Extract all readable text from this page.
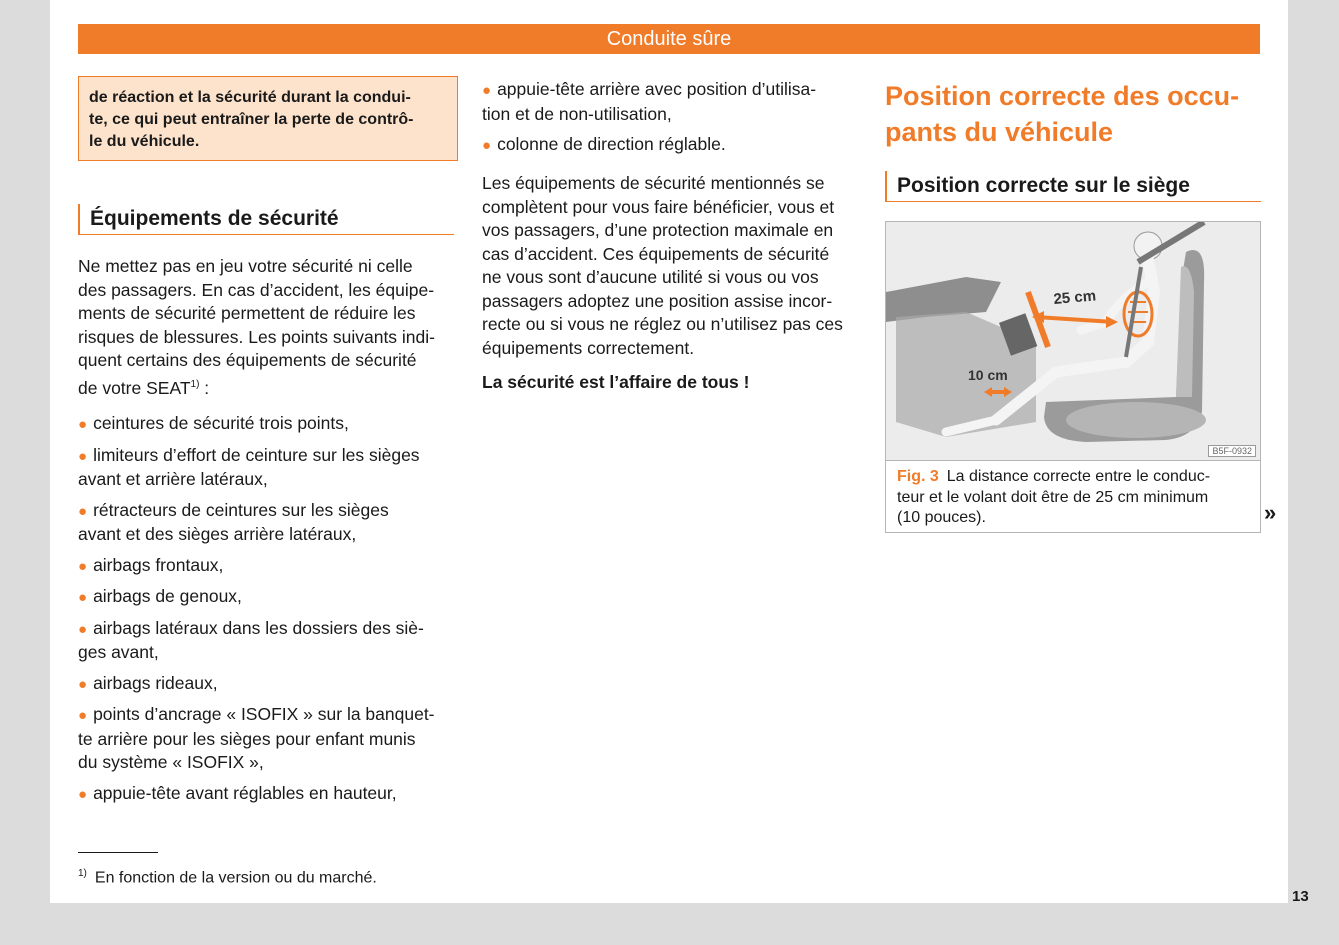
Conduite sûre
de réaction et la sécurité durant la condui-
te, ce qui peut entraîner la perte de contrô-
le du véhicule.
Équipements de sécurité
Ne mettez pas en jeu votre sécurité ni celle
des passagers. En cas d’accident, les équipe-
ments de sécurité permettent de réduire les
risques de blessures. Les points suivants indi-
quent certains des équipements de sécurité
de votre SEAT$^{1)}$ :
● ceintures de sécurité trois points,
● limiteurs d’effort de ceinture sur les sièges
avant et arrière latéraux,
● rétracteurs de ceintures sur les sièges
avant et des sièges arrière latéraux,
● airbags frontaux,
● airbags de genoux,
● airbags latéraux dans les dossiers des siè-
ges avant,
● airbags rideaux,
● points d’ancrage « ISOFIX » sur la banquet-
te arrière pour les sièges pour enfant munis
du système « ISOFIX »,
● appuie-tête avant réglables en hauteur,
● appuie-tête arrière avec position d’utilisa-
tion et de non-utilisation,
● colonne de direction réglable.
Les équipements de sécurité mentionnés se
complètent pour vous faire bénéficier, vous et
vos passagers, d’une protection maximale en
cas d’accident. Ces équipements de sécurité
ne vous sont d’aucune utilité si vous ou vos
passagers adoptez une position assise incor-
recte ou si vous ne réglez ou n’utilisez pas ces
équipements correctement.
La sécurité est l’affaire de tous !
Position correcte des occu-
pants du véhicule
Position correcte sur le siège
25 cm
10 cm
B5F-0932
Fig. 3 La distance correcte entre le conduc-
teur et le volant doit être de 25 cm minimum
(10 pouces).	»
$^{1)}$ En fonction de la version ou du marché.
13
